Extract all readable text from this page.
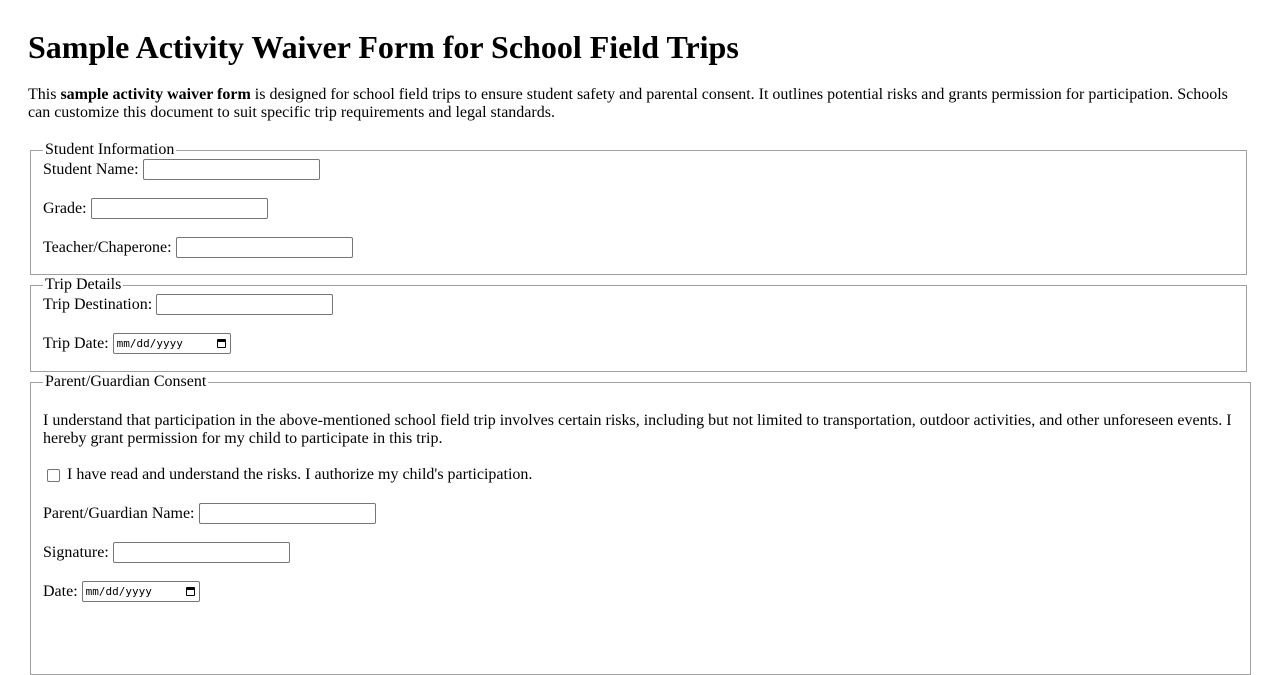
Sample Activity Waiver Form for School Field Trips

This sample activity waiver form is designed for school field trips to ensure student safety and parental consent. It outlines potential risks and grants permission for participation. Schools can customize this document to suit specific trip requirements and legal standards.

Student Information
Student Name:
Grade:
Teacher/Chaperone:
Trip Details
Trip Destination:
Trip Date: mm/dd/yyyy
Parent/Guardian Consent

I understand that participation in the above-mentioned school field trip involves certain risks, including but not limited to transportation, outdoor activities, and other unforeseen events. I hereby grant permission for my child to participate in this trip.

I have read and understand the risks. I authorize my child's participation.
Parent/Guardian Name:
Signature:
Date: mm/dd/yyyy
